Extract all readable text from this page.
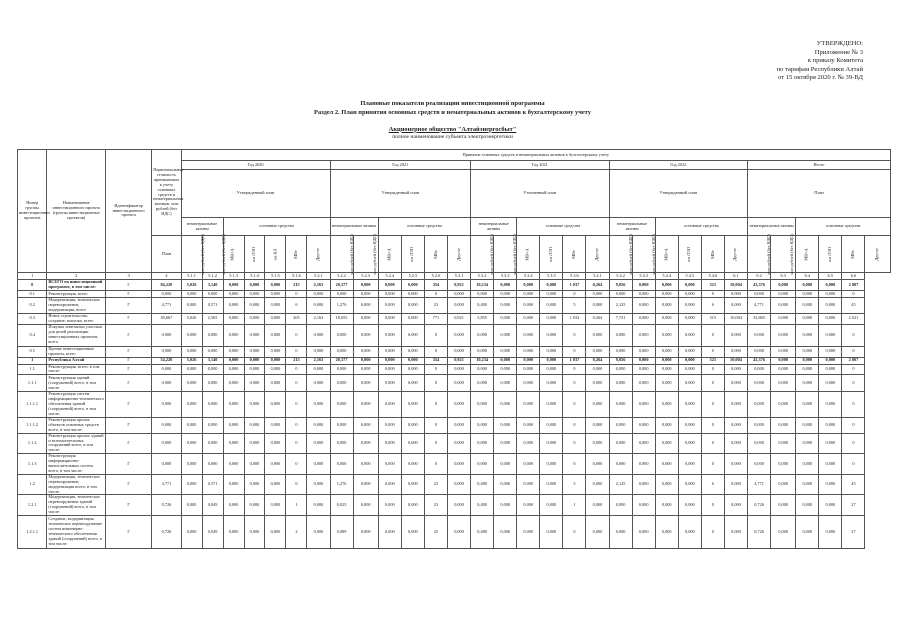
УТВЕРЖДЕНО:
Приложение № 3
к приказу Комитета
по тарифам Республики Алтай
от 15 октября 2020 г. № 39-ВД
Плановые показатели реализации инвестиционной программы
Раздел 2. План принятия основных средств и нематериальных активов к бухгалтерскому учету
Акционерное общество "Алтайэнергосбыт"
полное наименование субъекта электроэнергетики
Номер группы инвестиционных проектов	Наименование инвестиционного проекта (группы инвестиционных проектов)	Идентификатор инвестиционного проекта	Первоначальная стоимость принимаемых к учету основных средств и нематериальных активов, млн рублей (без НДС)	Принятие основных средств и нематериальных активов к бухгалтерскому учету																														
				Год 2020							Год 2021						Год 2021						Год 2022						Итого					
				Утвержденный план							Утвержденный план						Уточненный план						Утвержденный план						План					
				нематериальные активы		основные средства					нематериальные активы		основные средства				нематериальные активы		основные средства				нематериальные активы		основные средства				нематериальные активы		основные средства			
			План	млн рублей (без НДС)	млн рублей (без НДС)	МВ×А	км ЛЭП	км КЛ	МВт	Другое	млн рублей (без НДС)	млн рублей (без НДС)	МВ×А	км ЛЭП	МВт	Другое	млн рублей (без НДС)	млн рублей (без НДС)	МВ×А	км ЛЭП	МВт	Другое	млн рублей (без НДС)	млн рублей (без НДС)	МВ×А	км ЛЭП	МВт	Другое	млн рублей (без НДС)	млн рублей (без НДС)	МВ×А	км ЛЭП	МВт	Другое
1	2	3	4	5.1.1	5.1.2	5.1.3	5.1.4	5.1.5	5.1.6	5.2.1	5.2.2	5.2.3	5.2.4	5.2.5	5.2.6	5.3.1	5.3.2	5.3.3	5.3.4	5.3.5	5.3.6	5.4.1	5.4.2	5.4.3	5.4.4	5.4.5	5.4.6	6.1	6.2	6.3	6.4	6.5	6.6	
0	ВСЕГО по инвестиционной программе, в том числе:	Г	84,220	5,026	3,140	0,000	0,000	0,000	215	2,163	20,377	0,000	0,000	0,000	354	0,921	10,234	0,000	0,000	0,000	1 037	0,264	9,856	0,000	0,000	0,000	521	10,004	43,376	0,000	0,000	0,000	2 807	
0.1	Реконструкция, всего	Г	0,000	0,000	0,000	0,000	0,000	0,000	0	0,000	0,000	0,000	0,000	0,000	0	0,000	0,000	0,000	0,000	0,000	0	0,000	0,000	0,000	0,000	0,000	0	0,000	0,000	0,000	0,000	0,000	0	
0.2	Модернизация, техническое перевооружение, модернизация, всего	Г	4,771	0,000	0,571	0,000	0,000	0,000	6	0,000	1,276	0,000	0,000	0,000	23	0,000	0,480	0,000	0,000	0,000	5	0,000	2,125	0,000	0,000	0,000	6	0,000	4,771	0,000	0,000	0,000	45	
0.3	Новое строительство, создание, покупка, всего	Г	49,667	5,026	2,565	0,000	0,000	0,000	205	2,163	18,055	0,000	0,000	0,000	771	0,921	5,855	0,000	0,000	0,000	1 032	0,264	7,731	0,000	0,000	0,000	515	10,004	33,865	0,000	0,000	0,000	2 521	
0.4	Покупка земельных участков для целей реализации инвестиционных проектов, всего	Г	0,000	0,000	0,000	0,000	0,000	0,000	0	0,000	0,000	0,000	0,000	0,000	0	0,000	0,000	0,000	0,000	0,000	0	0,000	0,000	0,000	0,000	0,000	0	0,000	0,000	0,000	0,000	0,000	0	
0.5	Прочие инвестиционные проекты, всего	Г	0,000	0,000	0,000	0,000	0,000	0,000	0	0,000	0,000	0,000	0,000	0,000	0	0,000	0,000	0,000	0,000	0,000	0	0,000	0,000	0,000	0,000	0,000	0	0,000	0,000	0,000	0,000	0,000	0	
1	Республика Алтай	Г	54,220	5,026	3,140	0,000	0,000	0,000	215	2,163	20,377	0,000	0,000	0,000	354	0,921	10,234	0,000	0,000	0,000	1 037	0,264	9,856	0,000	0,000	0,000	521	10,004	43,376	0,000	0,000	0,000	2 807	
1.1	Реконструкция, всего, в том числе:	Г	0,000	0,000	0,000	0,000	0,000	0,000	0	0,000	0,000	0,000	0,000	0,000	0	0,000	0,000	0,000	0,000	0,000	0	0,000	0,000	0,000	0,000	0,000	0	0,000	0,000	0,000	0,000	0,000	0	
1.1.1	Реконструкция зданий (сооружений) всего, в том числе:	Г	0,000	0,000	0,000	0,000	0,000	0,000	0	0,000	0,000	0,000	0,000	0,000	0	0,000	0,000	0,000	0,000	0,000	0	0,000	0,000	0,000	0,000	0,000	0	0,000	0,000	0,000	0,000	0,000	0	
1.1.1.1	Реконструкция систем информационно-технического обеспечения зданий (сооружений) всего, в том числе:	Г	0,000	0,000	0,000	0,000	0,000	0,000	0	0,000	0,000	0,000	0,000	0,000	0	0,000	0,000	0,000	0,000	0,000	0	0,000	0,000	0,000	0,000	0,000	0	0,000	0,000	0,000	0,000	0,000	0	
1.1.1.2	Реконструкция прочих объектов основных средств всего, в том числе:	Г	0,000	0,000	0,000	0,000	0,000	0,000	0	0,000	0,000	0,000	0,000	0,000	0	0,000	0,000	0,000	0,000	0,000	0	0,000	0,000	0,000	0,000	0,000	0	0,000	0,000	0,000	0,000	0,000	0	
1.1.2	Реконструкция прочих зданий и вспомогательных сооружений всего, в том числе:	Г	0,000	0,000	0,000	0,000	0,000	0,000	0	0,000	0,000	0,000	0,000	0,000	0	0,000	0,000	0,000	0,000	0,000	0	0,000	0,000	0,000	0,000	0,000	0	0,000	0,000	0,000	0,000	0,000	0	
1.1.3	Реконструкция информационно-вычислительных систем всего, в том числе:	Г	0,000	0,000	0,000	0,000	0,000	0,000	0	0,000	0,000	0,000	0,000	0,000	0	0,000	0,000	0,000	0,000	0,000	0	0,000	0,000	0,000	0,000	0,000	0	0,000	0,000	0,000	0,000	0,000	0	
1.2	Модернизация, техническое перевооружение, модернизация всего, в том числе:	Г	4,771	0,000	0,571	0,000	0,000	0,000	6	0,000	1,276	0,000	0,000	0,000	23	0,000	0,480	0,000	0,000	0,000	5	0,000	2,125	0,000	0,000	0,000	6	0,000	4,771	0,000	0,000	0,000	45	
1.2.1	Модернизация, техническое перевооружение зданий (сооружений) всего, в том числе:	Г	0,726	0,000	0,049	0,000	0,000	0,000	1	0,000	0,025	0,000	0,000	0,000	23	0,000	0,480	0,000	0,000	0,000	1	0,000	0,000	0,000	0,000	0,000	0	0,000	0,726	0,000	0,000	0,000	27	
1.2.1.1	Создание, модернизация, техническое перевооружение систем инженерно-технического обеспечения зданий (сооружений) всего, в том числе:	Г	0,726	0,000	0,049	0,000	0,000	0,000	2	0,000	0,089	0,000	0,000	0,000	25	0,000	0,480	0,000	0,000	0,000	0	0,000	0,000	0,000	0,000	0,000	0	0,000	0,726	0,000	0,000	0,000	27	
